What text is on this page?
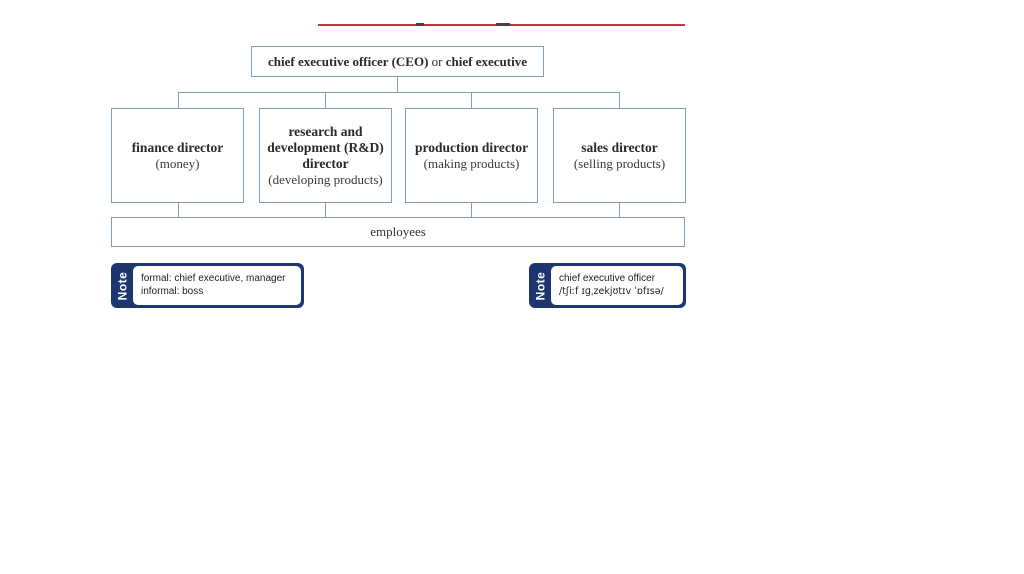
chief executive officer (CEO) or chief executive
finance director
(money)
research and development (R&D) director
(developing products)
production director
(making products)
sales director
(selling products)
employees
Note formal: chief executive, manager
informal: boss	Note chief executive officer
/tʃiːf ɪɡˌzekjʊtɪv ˈɒfɪsə/
